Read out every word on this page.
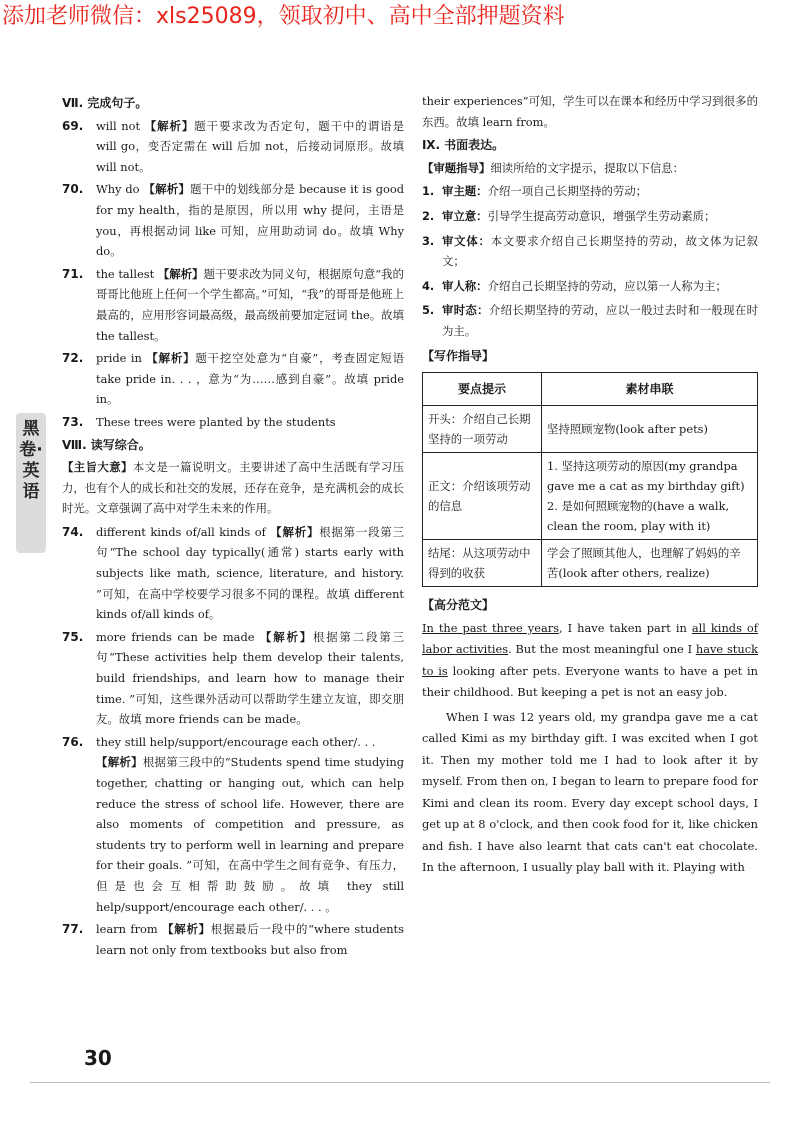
添加老师微信：xls25089，领取初中、高中全部押题资料
黑卷·英语
Ⅶ. 完成句子。
69. will not 【解析】题干要求改为否定句，题干中的谓语是 will go，变否定需在 will 后加 not，后接动词原形。故填 will not。
70. Why do 【解析】题干中的划线部分是 because it is good for my health，指的是原因，所以用 why 提问，主语是 you，再根据动词 like 可知，应用助动词 do。故填 Why do。
71. the tallest 【解析】题干要求改为同义句，根据原句意“我的哥哥比他班上任何一个学生都高。”可知，“我”的哥哥是他班上最高的，应用形容词最高级，最高级前要加定冠词 the。故填 the tallest。
72. pride in 【解析】题干挖空处意为“自豪”，考查固定短语 take pride in. . . ，意为“为……感到自豪”。故填 pride in。
73. These trees were planted by the students
Ⅷ. 读写综合。
【主旨大意】本文是一篇说明文。主要讲述了高中生活既有学习压力，也有个人的成长和社交的发展，还存在竞争，是充满机会的成长时光。文章强调了高中对学生未来的作用。
74. different kinds of/all kinds of 【解析】根据第一段第三句“The school day typically(通常) starts early with subjects like math, science, literature, and history. ”可知，在高中学校要学习很多不同的课程。故填 different kinds of/all kinds of。
75. more friends can be made 【解析】根据第二段第三句“These activities help them develop their talents, build friendships, and learn how to manage their time. ”可知，这些课外活动可以帮助学生建立友谊，即交朋友。故填 more friends can be made。
76. they still help/support/encourage each other/. . .
【解析】根据第三段中的“Students spend time studying together, chatting or hanging out, which can help reduce the stress of school life. However, there are also moments of competition and pressure, as students try to perform well in learning and prepare for their goals. ”可知，在高中学生之间有竞争、有压力，但是也会互相帮助鼓励。故填 they still help/support/encourage each other/. . . 。
77. learn from 【解析】根据最后一段中的“where students learn not only from textbooks but also from
their experiences”可知，学生可以在课本和经历中学习到很多的东西。故填 learn from。
Ⅸ. 书面表达。
【审题指导】细读所给的文字提示，提取以下信息：
1. 审主题：介绍一项自己长期坚持的劳动；
2. 审立意：引导学生提高劳动意识，增强学生劳动素质；
3. 审文体：本文要求介绍自己长期坚持的劳动，故文体为记叙文；
4. 审人称：介绍自己长期坚持的劳动，应以第一人称为主；
5. 审时态：介绍长期坚持的劳动，应以一般过去时和一般现在时为主。
【写作指导】
要点提示	素材串联
开头：介绍自己长期坚持的一项劳动	坚持照顾宠物(look after pets)
正文：介绍该项劳动的信息	1. 坚持这项劳动的原因(my grandpa gave me a cat as my birthday gift)
2. 是如何照顾宠物的(have a walk, clean the room, play with it)

结尾：从这项劳动中得到的收获	学会了照顾其他人，也理解了妈妈的辛苦(look after others, realize)
【高分范文】
In the past three years, I have taken part in all kinds of labor activities. But the most meaningful one I have stuck to is looking after pets. Everyone wants to have a pet in their childhood. But keeping a pet is not an easy job.
When I was 12 years old, my grandpa gave me a cat called Kimi as my birthday gift. I was excited when I got it. Then my mother told me I had to look after it by myself. From then on, I began to learn to prepare food for Kimi and clean its room. Every day except school days, I get up at 8 o'clock, and then cook food for it, like chicken and fish. I have also learnt that cats can't eat chocolate. In the afternoon, I usually play ball with it. Playing with
30
